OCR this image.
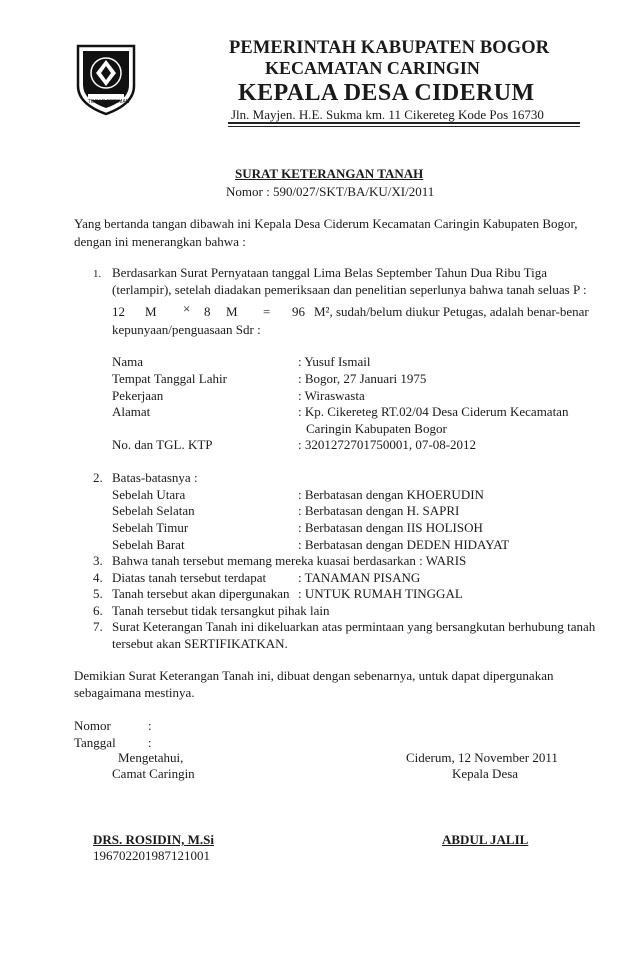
TEGAR BERIMAN
PEMERINTAH KABUPATEN BOGOR
KECAMATAN CARINGIN
KEPALA DESA CIDERUM
Jln. Mayjen. H.E. Sukma km. 11 Cikereteg Kode Pos 16730
SURAT KETERANGAN TANAH
Nomor : 590/027/SKT/BA/KU/XI/2011
Yang bertanda tangan dibawah ini Kepala Desa Ciderum Kecamatan Caringin Kabupaten Bogor,
dengan ini menerangkan bahwa :
1. Berdasarkan Surat Pernyataan tanggal Lima Belas September Tahun Dua Ribu Tiga
(terlampir), setelah diadakan pemeriksaan dan penelitian seperlunya bahwa tanah seluas P :
12 M × 8 M = 96 M², sudah/belum diukur Petugas, adalah benar-benar
kepunyaan/penguasaan Sdr :
Nama	: Yusuf Ismail
Tempat Tanggal Lahir	: Bogor, 27 Januari 1975
Pekerjaan	: Wiraswasta
Alamat	: Kp. Cikereteg RT.02/04 Desa Ciderum Kecamatan
Caringin Kabupaten Bogor
No. dan TGL. KTP	: 3201272701750001, 07-08-2012
2. Batas-batasnya :
Sebelah Utara	: Berbatasan dengan KHOERUDIN
Sebelah Selatan	: Berbatasan dengan H. SAPRI
Sebelah Timur	: Berbatasan dengan IIS HOLISOH
Sebelah Barat	: Berbatasan dengan DEDEN HIDAYAT
3. Bahwa tanah tersebut memang mereka kuasai berdasarkan : WARIS
4. Diatas tanah tersebut terdapat : TANAMAN PISANG
5. Tanah tersebut akan dipergunakan : UNTUK RUMAH TINGGAL
6. Tanah tersebut tidak tersangkut pihak lain
7. Surat Keterangan Tanah ini dikeluarkan atas permintaan yang bersangkutan berhubung tanah
tersebut akan SERTIFIKATKAN.
Demikian Surat Keterangan Tanah ini, dibuat dengan sebenarnya, untuk dapat dipergunakan
sebagaimana mestinya.
Nomor	:
Tanggal :
Mengetahui,
Camat Caringin
Ciderum, 12 November 2011
Kepala Desa
DRS. ROSIDIN, M.Si
196702201987121001
ABDUL JALIL
